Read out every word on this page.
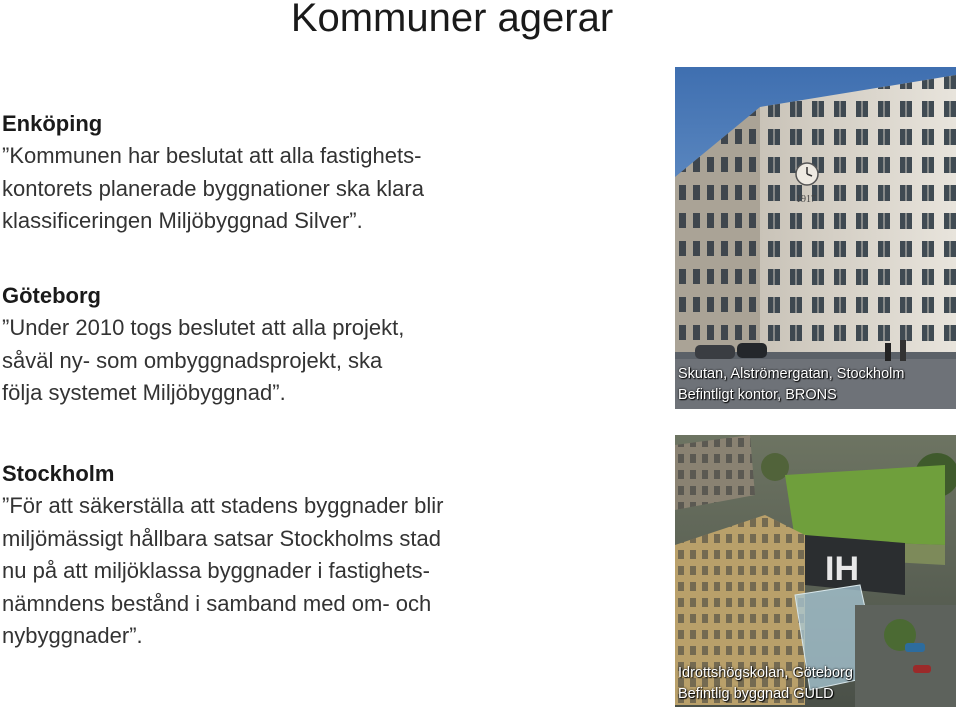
Kommuner agerar
Enköping

”Kommunen har beslutat att alla fastighets-

kontorets planerade byggnationer ska klara

klassificeringen Miljöbyggnad Silver”.

Göteborg

”Under 2010 togs beslutet att alla projekt,

såväl ny- som ombyggnadsprojekt, ska

följa systemet Miljöbyggnad”.

Stockholm

”För att säkerställa att stadens byggnader blir

miljömässigt hållbara satsar Stockholms stad

nu på att miljöklassa byggnader i fastighets-

nämndens bestånd i samband med om- och

nybyggnader”.

1917
Skutan, Alströmergatan, Stockholm
Befintligt kontor, BRONS
IH
Idrottshögskolan, Göteborg
Befintlig byggnad GULD
